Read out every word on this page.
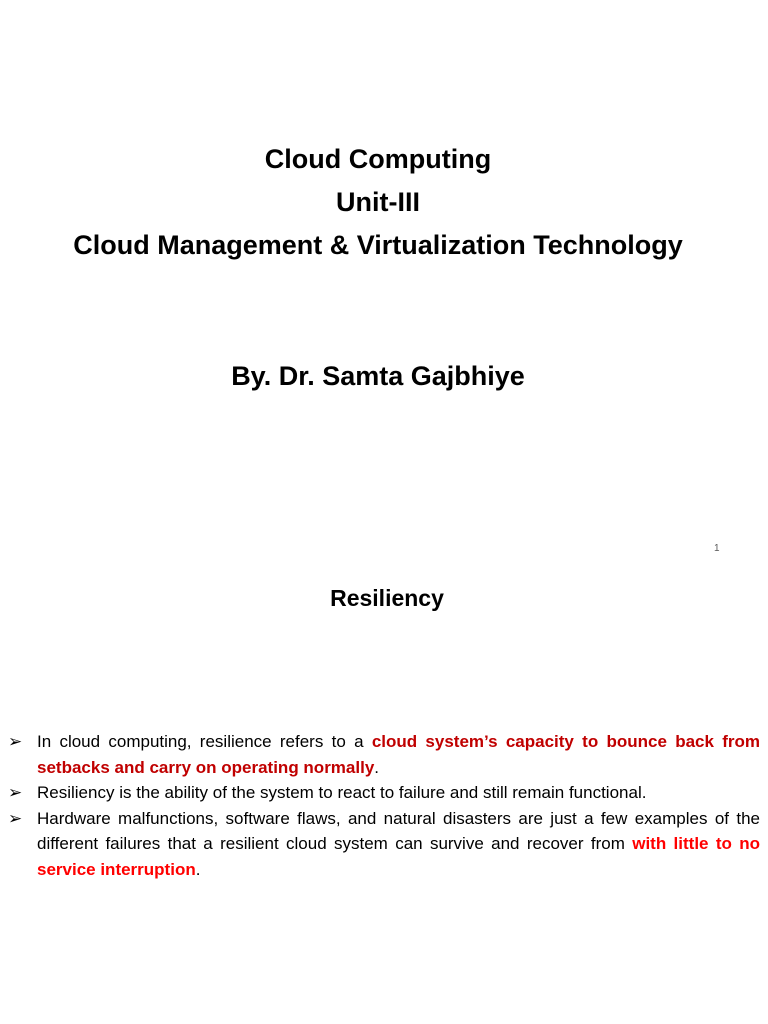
Cloud Computing
Unit-III
Cloud Management & Virtualization Technology
By. Dr. Samta Gajbhiye
1
Resiliency
➢ In cloud computing, resilience refers to a cloud system’s capacity to bounce back from setbacks and carry on operating normally.
➢ Resiliency is the ability of the system to react to failure and still remain functional.
➢ Hardware malfunctions, software flaws, and natural disasters are just a few examples of the different failures that a resilient cloud system can survive and recover from with little to no service interruption.
